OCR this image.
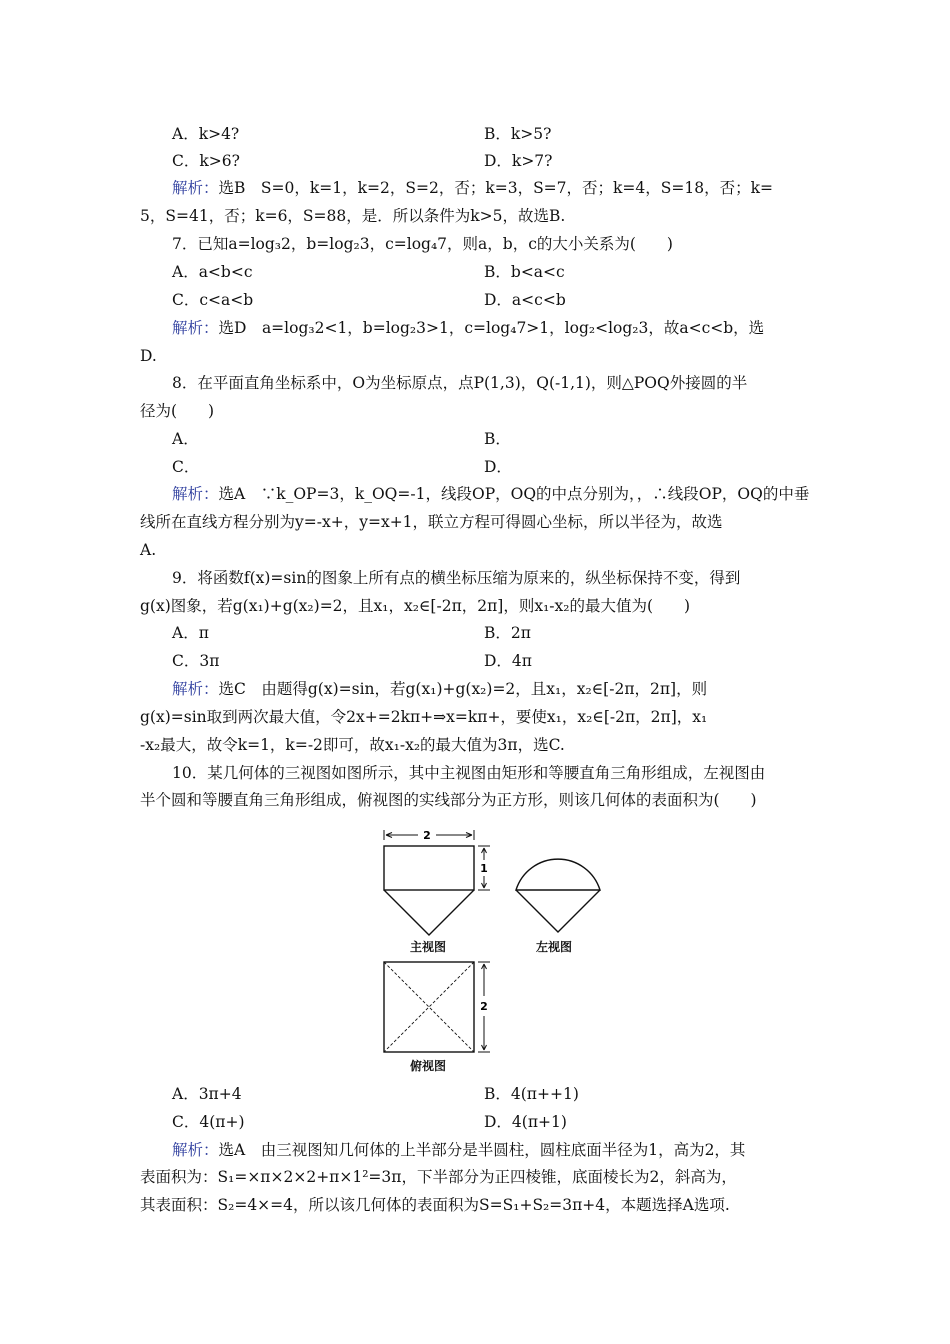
A．k>4?	B．k>5?
C．k>6?	D．k>7?
解析：选B　S=0，k=1，k=2，S=2，否；k=3，S=7，否；k=4，S=18，否；k=
5，S=41，否；k=6，S=88，是．所以条件为k>5，故选B.
7．已知a=log₃2，b=log₂3，c=log₄7，则a，b，c的大小关系为(　　)
A．a<b<c	B．b<a<c
C．c<a<b	D．a<c<b
解析：选D　a=log₃2<1，b=log₂3>1，c=log₄7>1，log₂<log₂3，故a<c<b，选
D.
8．在平面直角坐标系中，O为坐标原点，点P(1,3)，Q(-1,1)，则△POQ外接圆的半
径为(　　)
A．	B．
C．	D．
解析：选A　∵k_OP=3，k_OQ=-1，线段OP，OQ的中点分别为，，∴线段OP，OQ的中垂
线所在直线方程分别为y=-x+，y=x+1，联立方程可得圆心坐标，所以半径为，故选
A.
9．将函数f(x)=sin的图象上所有点的横坐标压缩为原来的，纵坐标保持不变，得到
g(x)图象，若g(x₁)+g(x₂)=2，且x₁，x₂∈[-2π，2π]，则x₁-x₂的最大值为(　　)
A．π	B．2π
C．3π	D．4π
解析：选C　由题得g(x)=sin，若g(x₁)+g(x₂)=2，且x₁，x₂∈[-2π，2π]，则
g(x)=sin取到两次最大值，令2x+=2kπ+⇒x=kπ+，要使x₁，x₂∈[-2π，2π]，x₁
-x₂最大，故令k=1，k=-2即可，故x₁-x₂的最大值为3π，选C.
10．某几何体的三视图如图所示，其中主视图由矩形和等腰直角三角形组成，左视图由
半个圆和等腰直角三角形组成，俯视图的实线部分为正方形，则该几何体的表面积为(　　)
2
1
2
主视图	左视图
俯视图
A．3π+4	B．4(π++1)
C．4(π+)	D．4(π+1)
解析：选A　由三视图知几何体的上半部分是半圆柱，圆柱底面半径为1，高为2，其
表面积为：S₁=×π×2×2+π×1²=3π，下半部分为正四棱锥，底面棱长为2，斜高为，
其表面积：S₂=4×=4，所以该几何体的表面积为S=S₁+S₂=3π+4，本题选择A选项.
